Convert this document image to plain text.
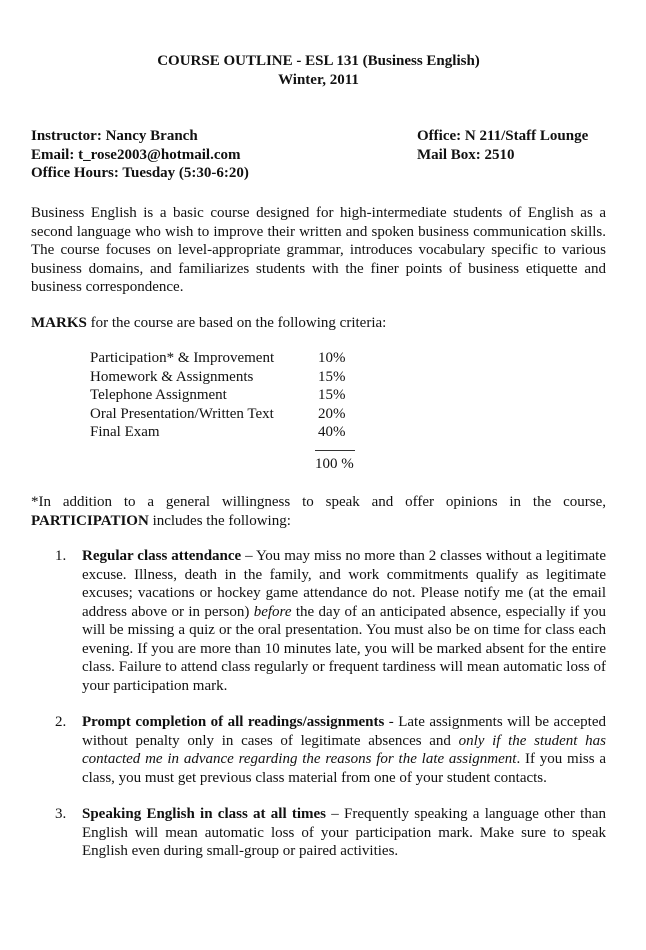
COURSE OUTLINE - ESL 131 (Business English)
Winter, 2011
Instructor: Nancy Branch
Email: t_rose2003@hotmail.com
Office Hours: Tuesday (5:30-6:20)
Office: N 211/Staff Lounge
Mail Box: 2510

Business English is a basic course designed for high-intermediate students of English as a second language who wish to improve their written and spoken business communication skills. The course focuses on level-appropriate grammar, introduces vocabulary specific to various business domains, and familiarizes students with the finer points of business etiquette and business correspondence.

MARKS for the course are based on the following criteria:

Participation* & Improvement	10%
Homework & Assignments	15%
Telephone Assignment	15%
Oral Presentation/Written Text	20%
Final Exam	40%
100 %

*In addition to a general willingness to speak and offer opinions in the course, PARTICIPATION includes the following:

1. Regular class attendance – You may miss no more than 2 classes without a legitimate excuse. Illness, death in the family, and work commitments qualify as legitimate excuses; vacations or hockey game attendance do not. Please notify me (at the email address above or in person) before the day of an anticipated absence, especially if you will be missing a quiz or the oral presentation. You must also be on time for class each evening. If you are more than 10 minutes late, you will be marked absent for the entire class. Failure to attend class regularly or frequent tardiness will mean automatic loss of your participation mark.
2. Prompt completion of all readings/assignments - Late assignments will be accepted without penalty only in cases of legitimate absences and only if the student has contacted me in advance regarding the reasons for the late assignment. If you miss a class, you must get previous class material from one of your student contacts.
3. Speaking English in class at all times – Frequently speaking a language other than English will mean automatic loss of your participation mark. Make sure to speak English even during small-group or paired activities.
